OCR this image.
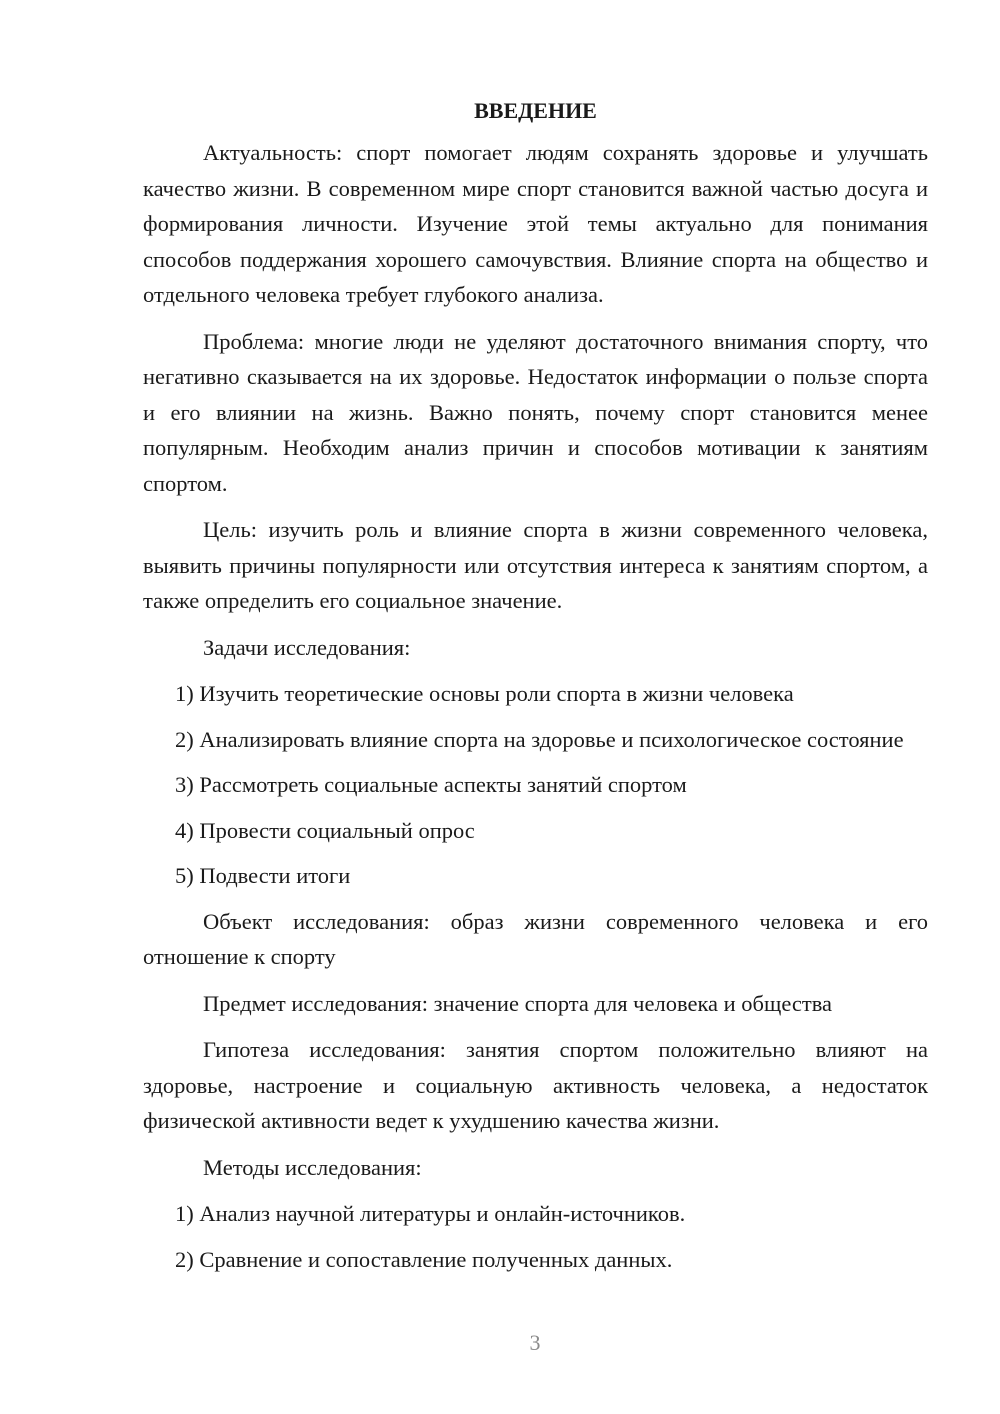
ВВЕДЕНИЕ

Актуальность: спорт помогает людям сохранять здоровье и улучшать качество жизни. В современном мире спорт становится важной частью досуга и формирования личности. Изучение этой темы актуально для понимания способов поддержания хорошего самочувствия. Влияние спорта на общество и отдельного человека требует глубокого анализа.

Проблема: многие люди не уделяют достаточного внимания спорту, что негативно сказывается на их здоровье. Недостаток информации о пользе спорта и его влиянии на жизнь. Важно понять, почему спорт становится менее популярным. Необходим анализ причин и способов мотивации к занятиям спортом.

Цель: изучить роль и влияние спорта в жизни современного человека, выявить причины популярности или отсутствия интереса к занятиям спортом, а также определить его социальное значение.

Задачи исследования:

1) Изучить теоретические основы роли спорта в жизни человека

2) Анализировать влияние спорта на здоровье и психологическое состояние

3) Рассмотреть социальные аспекты занятий спортом

4) Провести социальный опрос

5) Подвести итоги

Объект исследования: образ жизни современного человека и его отношение к спорту

Предмет исследования: значение спорта для человека и общества

Гипотеза исследования: занятия спортом положительно влияют на здоровье, настроение и социальную активность человека, а недостаток физической активности ведет к ухудшению качества жизни.

Методы исследования:

1) Анализ научной литературы и онлайн-источников.

2) Сравнение и сопоставление полученных данных.

3
